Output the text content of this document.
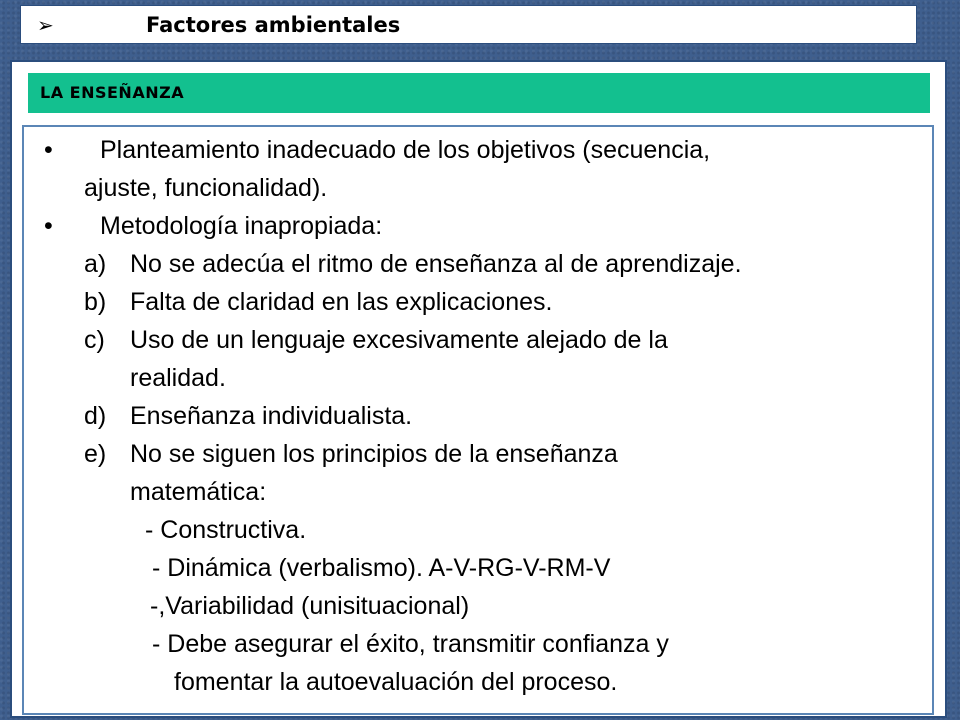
➢	Factores ambientales
LA ENSEÑANZA
• Planteamiento inadecuado de los objetivos (secuencia,
ajuste, funcionalidad).
• Metodología inapropiada:
a) No se adecúa el ritmo de enseñanza al de aprendizaje.
b) Falta de claridad en las explicaciones.
c) Uso de un lenguaje excesivamente alejado de la
realidad.
d) Enseñanza individualista.
e) No se siguen los principios de la enseñanza
matemática:
- Constructiva.
- Dinámica (verbalismo). A-V-RG-V-RM-V
-,Variabilidad (unisituacional)
- Debe asegurar el éxito, transmitir confianza y
fomentar la autoevaluación del proceso.
